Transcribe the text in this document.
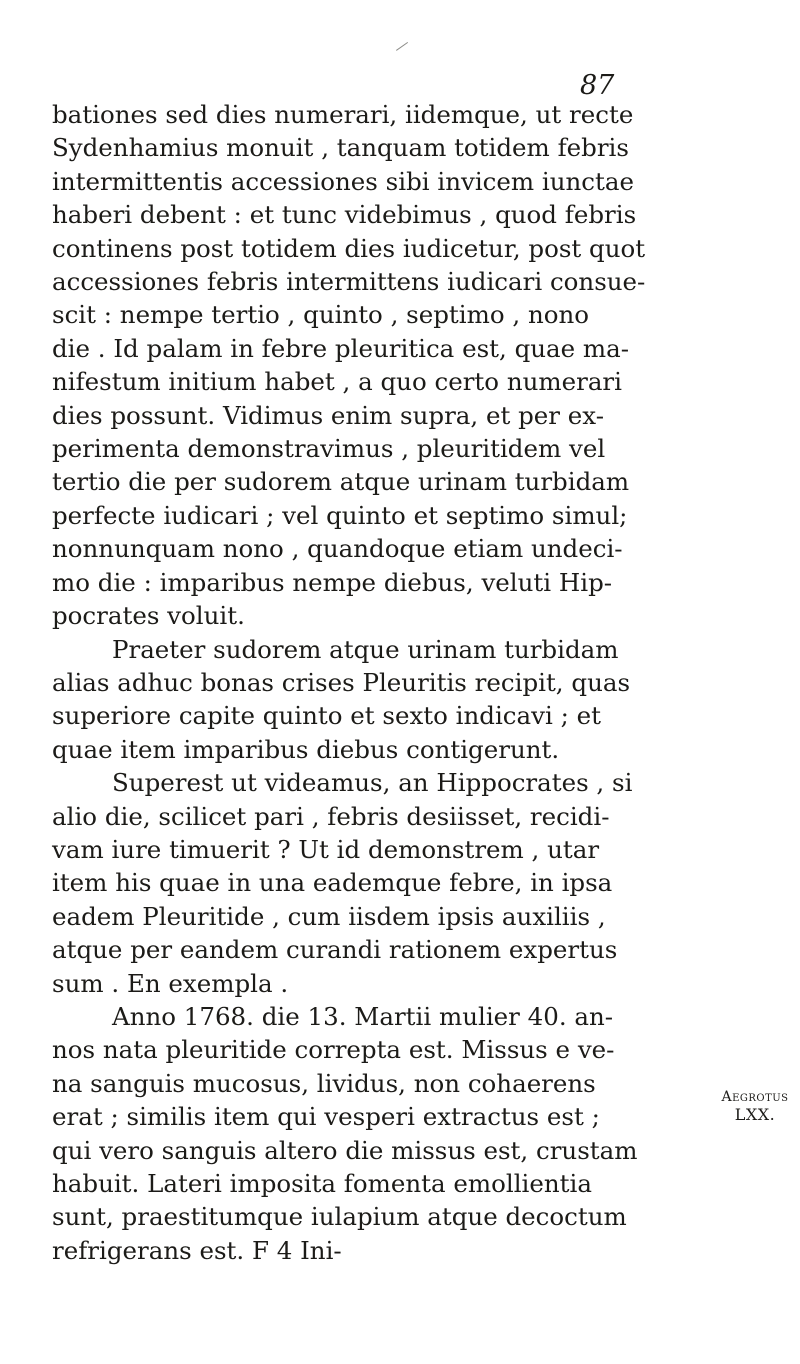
87
bationes sed dies numerari, iidemque, ut recte
Sydenhamius monuit , tanquam totidem febris
intermittentis accessiones sibi invicem iunctae
haberi debent : et tunc videbimus , quod febris
continens post totidem dies iudicetur, post quot
accessiones febris intermittens iudicari consue-
scit : nempe tertio , quinto , septimo , nono
die . Id palam in febre pleuritica est, quae ma-
nifestum initium habet , a quo certo numerari
dies possunt. Vidimus enim supra, et per ex-
perimenta demonstravimus , pleuritidem vel
tertio die per sudorem atque urinam turbidam
perfecte iudicari ; vel quinto et septimo simul;
nonnunquam nono , quandoque etiam undeci-
mo die : imparibus nempe diebus, veluti Hip-
pocrates voluit.
Praeter sudorem atque urinam turbidam
alias adhuc bonas crises Pleuritis recipit, quas
superiore capite quinto et sexto indicavi ; et
quae item imparibus diebus contigerunt.
Superest ut videamus, an Hippocrates , si
alio die, scilicet pari , febris desiisset, recidi-
vam iure timuerit ? Ut id demonstrem , utar
item his quae in una eademque febre, in ipsa
eadem Pleuritide , cum iisdem ipsis auxiliis ,
atque per eandem curandi rationem expertus
sum . En exempla .
Anno 1768. die 13. Martii mulier 40. an-
nos nata pleuritide correpta est. Missus e ve-
na sanguis mucosus, lividus, non cohaerens
erat ; similis item qui vesperi extractus est ;
qui vero sanguis altero die missus est, crustam
habuit. Lateri imposita fomenta emollientia
sunt, praestitumque iulapium atque decoctum
refrigerans est. F 4 Ini-
Aegrotus
LXX.
